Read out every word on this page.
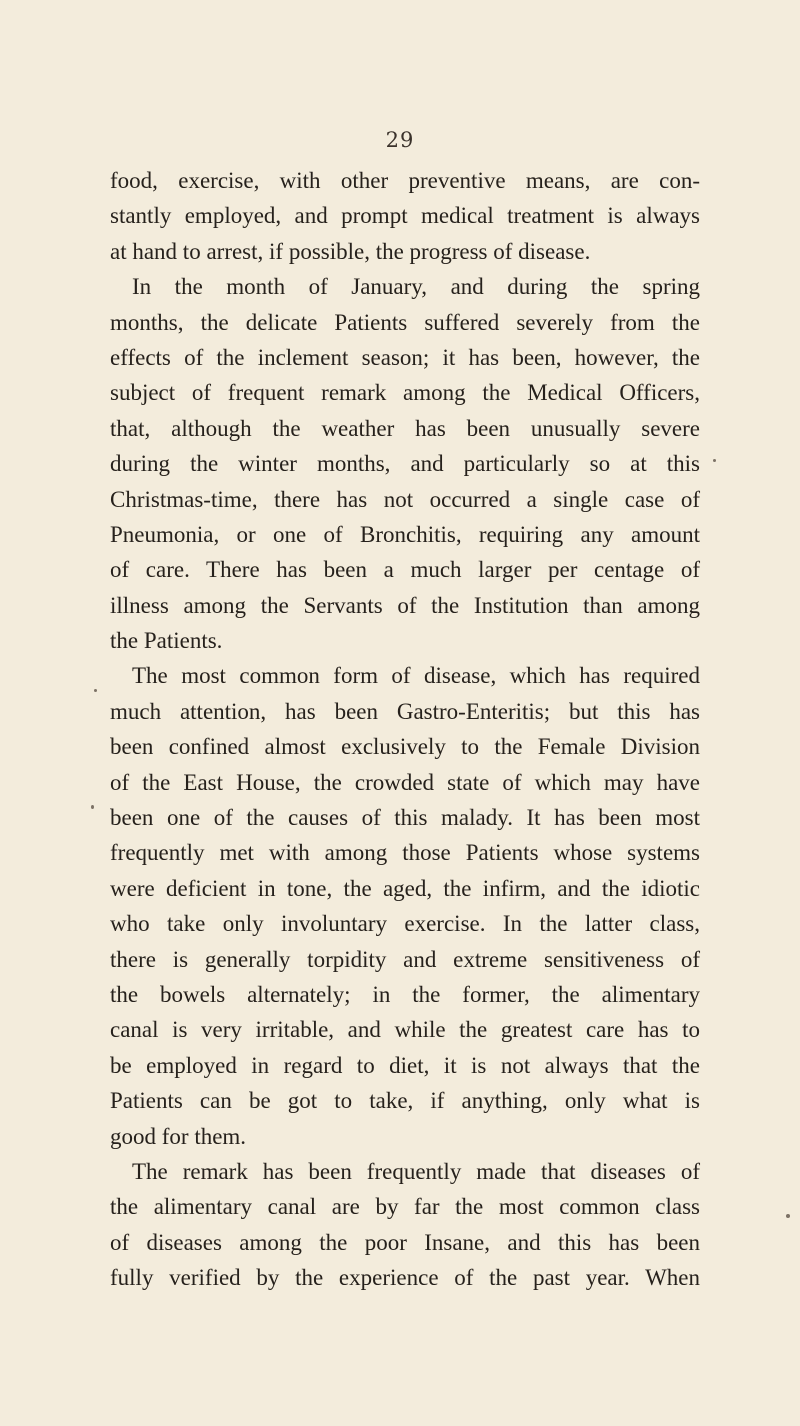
29
food, exercise, with other preventive means, are con-
stantly employed, and prompt medical treatment is always
at hand to arrest, if possible, the progress of disease.
In the month of January, and during the spring
months, the delicate Patients suffered severely from the
effects of the inclement season; it has been, however, the
subject of frequent remark among the Medical Officers,
that, although the weather has been unusually severe
during the winter months, and particularly so at this
Christmas-time, there has not occurred a single case of
Pneumonia, or one of Bronchitis, requiring any amount
of care. There has been a much larger per centage of
illness among the Servants of the Institution than among
the Patients.
The most common form of disease, which has required
much attention, has been Gastro-Enteritis; but this has
been confined almost exclusively to the Female Division
of the East House, the crowded state of which may have
been one of the causes of this malady. It has been most
frequently met with among those Patients whose systems
were deficient in tone, the aged, the infirm, and the idiotic
who take only involuntary exercise. In the latter class,
there is generally torpidity and extreme sensitiveness of
the bowels alternately; in the former, the alimentary
canal is very irritable, and while the greatest care has to
be employed in regard to diet, it is not always that the
Patients can be got to take, if anything, only what is
good for them.
The remark has been frequently made that diseases of
the alimentary canal are by far the most common class
of diseases among the poor Insane, and this has been
fully verified by the experience of the past year. When
